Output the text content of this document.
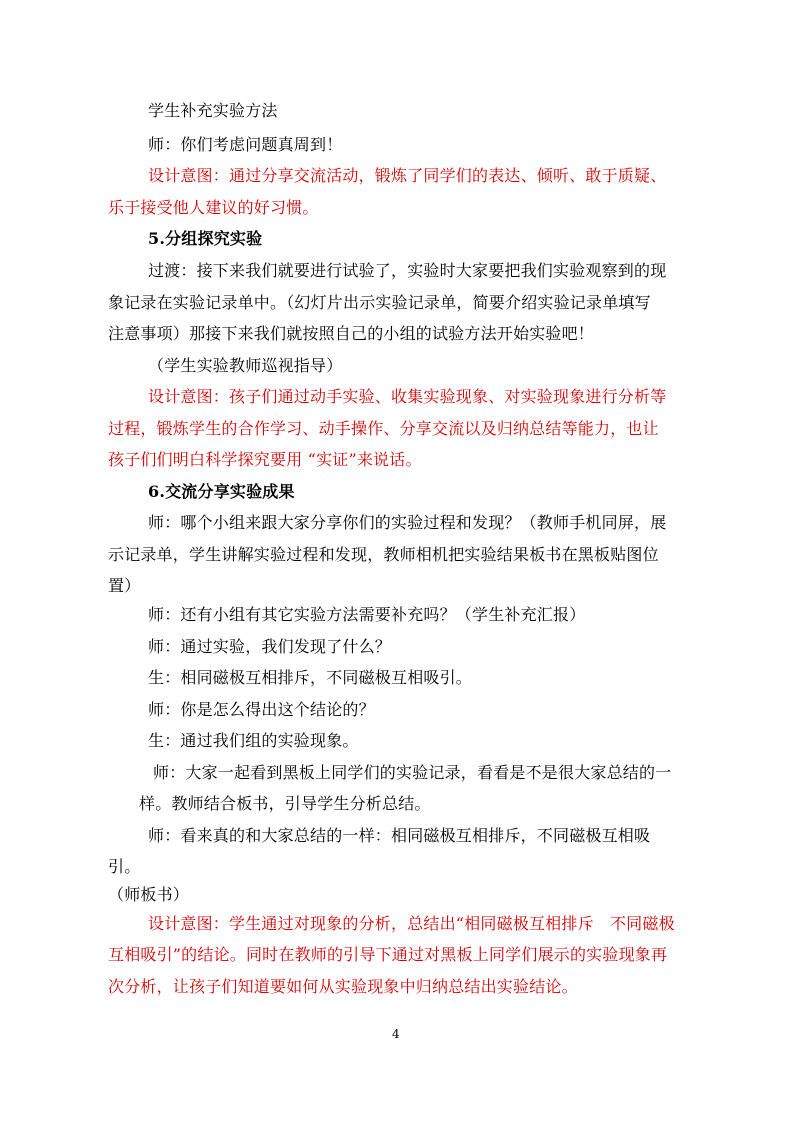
学生补充实验方法
师：你们考虑问题真周到！
设计意图：通过分享交流活动，锻炼了同学们的表达、倾听、敢于质疑、
乐于接受他人建议的好习惯。
5.分组探究实验
过渡：接下来我们就要进行试验了，实验时大家要把我们实验观察到的现
象记录在实验记录单中。（幻灯片出示实验记录单，简要介绍实验记录单填写
注意事项）那接下来我们就按照自己的小组的试验方法开始实验吧！
（学生实验教师巡视指导）
设计意图：孩子们通过动手实验、收集实验现象、对实验现象进行分析等
过程，锻炼学生的合作学习、动手操作、分享交流以及归纳总结等能力，也让
孩子们们明白科学探究要用 “实证”来说话。
6.交流分享实验成果
师：哪个小组来跟大家分享你们的实验过程和发现？（教师手机同屏，展
示记录单，学生讲解实验过程和发现，教师相机把实验结果板书在黑板贴图位
置）
师：还有小组有其它实验方法需要补充吗？（学生补充汇报）
师：通过实验，我们发现了什么？
生：相同磁极互相排斥，不同磁极互相吸引。
师：你是怎么得出这个结论的？
生：通过我们组的实验现象。
师：大家一起看到黑板上同学们的实验记录，看看是不是很大家总结的一
样。教师结合板书，引导学生分析总结。
师：看来真的和大家总结的一样：相同磁极互相排斥，不同磁极互相吸
引。
（师板书）
设计意图：学生通过对现象的分析，总结出“相同磁极互相排斥　不同磁极
互相吸引”的结论。同时在教师的引导下通过对黑板上同学们展示的实验现象再
次分析，让孩子们知道要如何从实验现象中归纳总结出实验结论。
4
